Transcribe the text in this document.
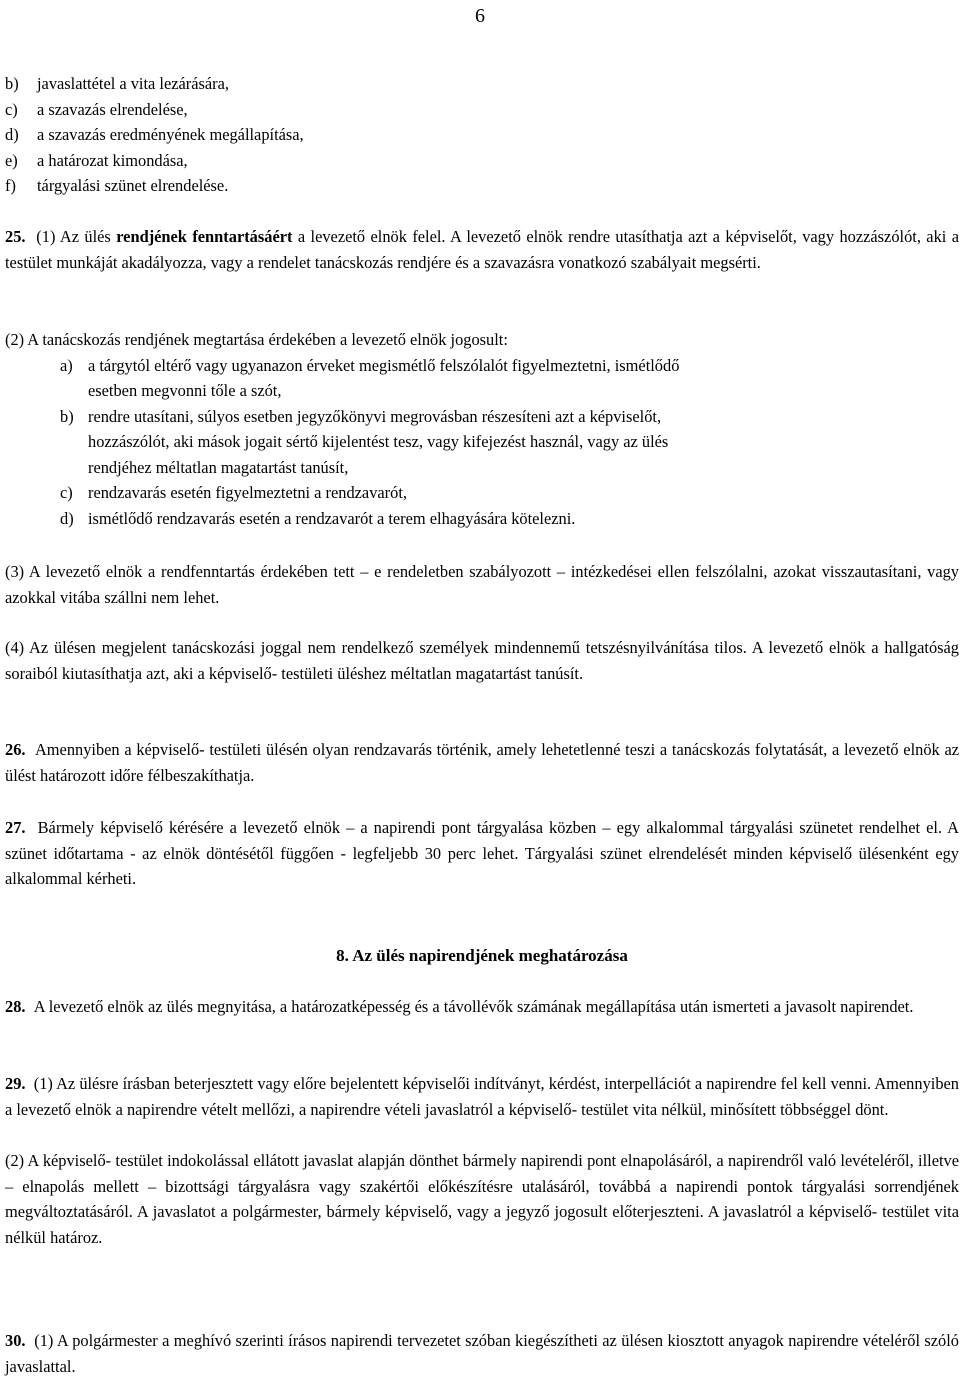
6
b)	javaslattétel a vita lezárására,
c)	a szavazás elrendelése,
d)	a szavazás eredményének megállapítása,
e)	a határozat kimondása,
f)	tárgyalási szünet elrendelése.
25. (1) Az ülés rendjének fenntartásáért a levezető elnök felel. A levezető elnök rendre utasíthatja azt a képviselőt, vagy hozzászólót, aki a testület munkáját akadályozza, vagy a rendelet tanácskozás rendjére és a szavazásra vonatkozó szabályait megsérti.
(2) A tanácskozás rendjének megtartása érdekében a levezető elnök jogosult:
a) a tárgytól eltérő vagy ugyanazon érveket megismétlő felszólalót figyelmeztetni, ismétlődő
esetben megvonni tőle a szót,
b) rendre utasítani, súlyos esetben jegyzőkönyvi megrovásban részesíteni azt a képviselőt,
hozzászólót, aki mások jogait sértő kijelentést tesz, vagy kifejezést használ, vagy az ülés
rendjéhez méltatlan magatartást tanúsít,
c) rendzavarás esetén figyelmeztetni a rendzavarót,
d) ismétlődő rendzavarás esetén a rendzavarót a terem elhagyására kötelezni.
(3) A levezető elnök a rendfenntartás érdekében tett – e rendeletben szabályozott – intézkedései ellen felszólalni, azokat visszautasítani, vagy azokkal vitába szállni nem lehet.
(4) Az ülésen megjelent tanácskozási joggal nem rendelkező személyek mindennemű tetszésnyilvánítása tilos. A levezető elnök a hallgatóság soraiból kiutasíthatja azt, aki a képviselő- testületi üléshez méltatlan magatartást tanúsít.
26. Amennyiben a képviselő- testületi ülésén olyan rendzavarás történik, amely lehetetlenné teszi a tanácskozás folytatását, a levezető elnök az ülést határozott időre félbeszakíthatja.
27. Bármely képviselő kérésére a levezető elnök – a napirendi pont tárgyalása közben – egy alkalommal tárgyalási szünetet rendelhet el. A szünet időtartama - az elnök döntésétől függően - legfeljebb 30 perc lehet. Tárgyalási szünet elrendelését minden képviselő ülésenként egy alkalommal kérheti.
8. Az ülés napirendjének meghatározása
28. A levezető elnök az ülés megnyitása, a határozatképesség és a távollévők számának megállapítása után ismerteti a javasolt napirendet.
29. (1) Az ülésre írásban beterjesztett vagy előre bejelentett képviselői indítványt, kérdést, interpellációt a napirendre fel kell venni. Amennyiben a levezető elnök a napirendre vételt mellőzi, a napirendre vételi javaslatról a képviselő- testület vita nélkül, minősített többséggel dönt.
(2) A képviselő- testület indokolással ellátott javaslat alapján dönthet bármely napirendi pont elnapolásáról, a napirendről való levételéről, illetve – elnapolás mellett – bizottsági tárgyalásra vagy szakértői előkészítésre utalásáról, továbbá a napirendi pontok tárgyalási sorrendjének megváltoztatásáról. A javaslatot a polgármester, bármely képviselő, vagy a jegyző jogosult előterjeszteni. A javaslatról a képviselő- testület vita nélkül határoz.
30. (1) A polgármester a meghívó szerinti írásos napirendi tervezetet szóban kiegészítheti az ülésen kiosztott anyagok napirendre vételéről szóló javaslattal.
